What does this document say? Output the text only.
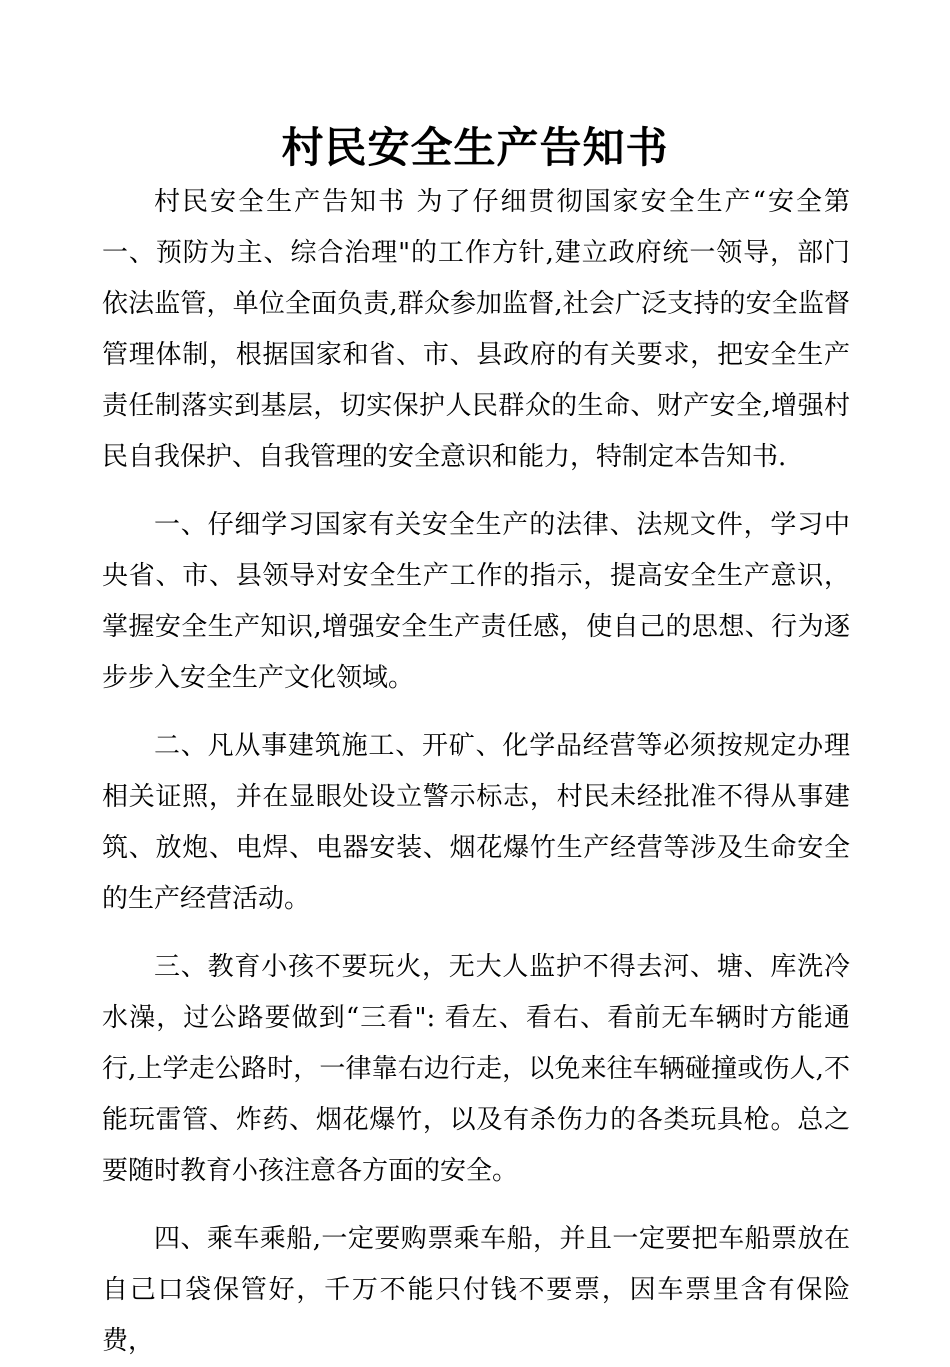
村民安全生产告知书

村民安全生产告知书 为了仔细贯彻国家安全生产“安全第一、预防为主、综合治理"的工作方针,建立政府统一领导，部门依法监管，单位全面负责,群众参加监督,社会广泛支持的安全监督管理体制，根据国家和省、市、县政府的有关要求，把安全生产责任制落实到基层，切实保护人民群众的生命、财产安全,增强村民自我保护、自我管理的安全意识和能力，特制定本告知书.

一、仔细学习国家有关安全生产的法律、法规文件，学习中央省、市、县领导对安全生产工作的指示，提高安全生产意识，掌握安全生产知识,增强安全生产责任感，使自己的思想、行为逐步步入安全生产文化领域。

二、凡从事建筑施工、开矿、化学品经营等必须按规定办理相关证照，并在显眼处设立警示标志，村民未经批准不得从事建筑、放炮、电焊、电器安装、烟花爆竹生产经营等涉及生命安全的生产经营活动。

三、教育小孩不要玩火，无大人监护不得去河、塘、库洗冷水澡，过公路要做到“三看": 看左、看右、看前无车辆时方能通行,上学走公路时，一律靠右边行走，以免来往车辆碰撞或伤人,不能玩雷管、炸药、烟花爆竹，以及有杀伤力的各类玩具枪。总之要随时教育小孩注意各方面的安全。

四、乘车乘船,一定要购票乘车船，并且一定要把车船票放在自己口袋保管好，千万不能只付钱不要票，因车票里含有保险费，
